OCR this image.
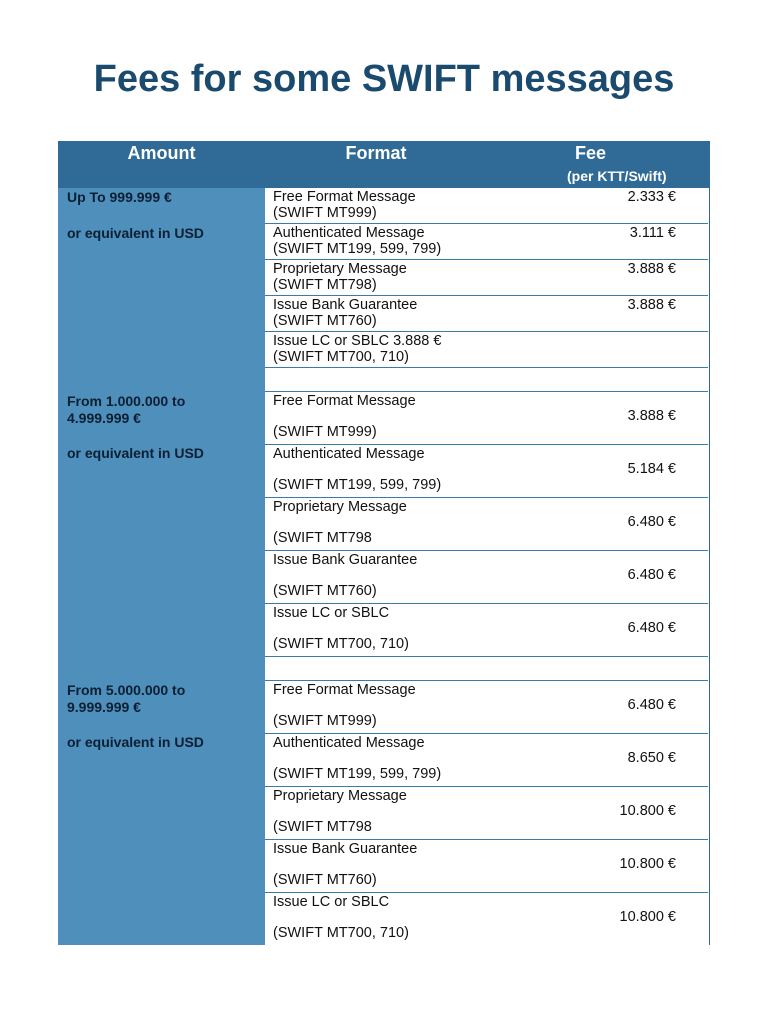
Fees for some SWIFT messages
Amount	Format	Fee
(per KTT/Swift)
Up To 999.999 €
or equivalent in USD
From 1.000.000 to
4.999.999 €
or equivalent in USD
From 5.000.000 to
9.999.999 €
or equivalent in USD
Free Format Message
(SWIFT MT999)
2.333 €
Authenticated Message
(SWIFT MT199, 599, 799)
3.111 €
Proprietary Message
(SWIFT MT798)
3.888 €
Issue Bank Guarantee
(SWIFT MT760)
3.888 €
Issue LC or SBLC 3.888 €
(SWIFT MT700, 710)
Free Format Message
(SWIFT MT999)
3.888 €
Authenticated Message
(SWIFT MT199, 599, 799)
5.184 €
Proprietary Message
(SWIFT MT798
6.480 €
Issue Bank Guarantee
(SWIFT MT760)
6.480 €
Issue LC or SBLC
(SWIFT MT700, 710)
6.480 €
Free Format Message
(SWIFT MT999)
6.480 €
Authenticated Message
(SWIFT MT199, 599, 799)
8.650 €
Proprietary Message
(SWIFT MT798
10.800 €
Issue Bank Guarantee
(SWIFT MT760)
10.800 €
Issue LC or SBLC
(SWIFT MT700, 710)
10.800 €
